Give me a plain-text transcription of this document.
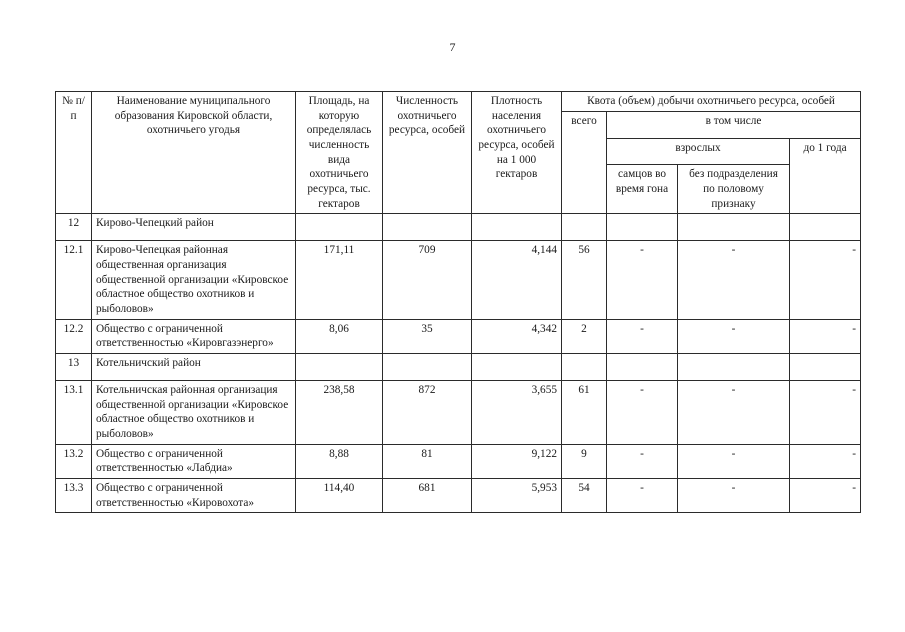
7
№ п/п	Наименование муниципального образования Кировской области, охотничьего угодья	Площадь, на которую определялась численность вида охотничьего ресурса, тыс. гектаров	Численность охотничьего ресурса, особей	Плотность населения охотничьего ресурса, особей на 1 000 гектаров	Квота (объем) добычи охотничьего ресурса, особей			
					всего	в том числе		
						взрослых		до 1 года
						самцов во время гона	без подразделения по половому признаку	
12	Кирово-Чепецкий район							
12.1	Кирово-Чепецкая районная общественная организация общественной организации «Кировское областное общество охотников и рыболовов»	171,11	709	4,144	56	-	-	-
12.2	Общество с ограниченной ответственностью «Кировгазэнерго»	8,06	35	4,342	2	-	-	-
13	Котельничский район							
13.1	Котельничская районная организация общественной организации «Кировское областное общество охотников и рыболовов»	238,58	872	3,655	61	-	-	-
13.2	Общество с ограниченной ответственностью «Лабдиа»	8,88	81	9,122	9	-	-	-
13.3	Общество с ограниченной ответственностью «Кировохота»	114,40	681	5,953	54	-	-	-
